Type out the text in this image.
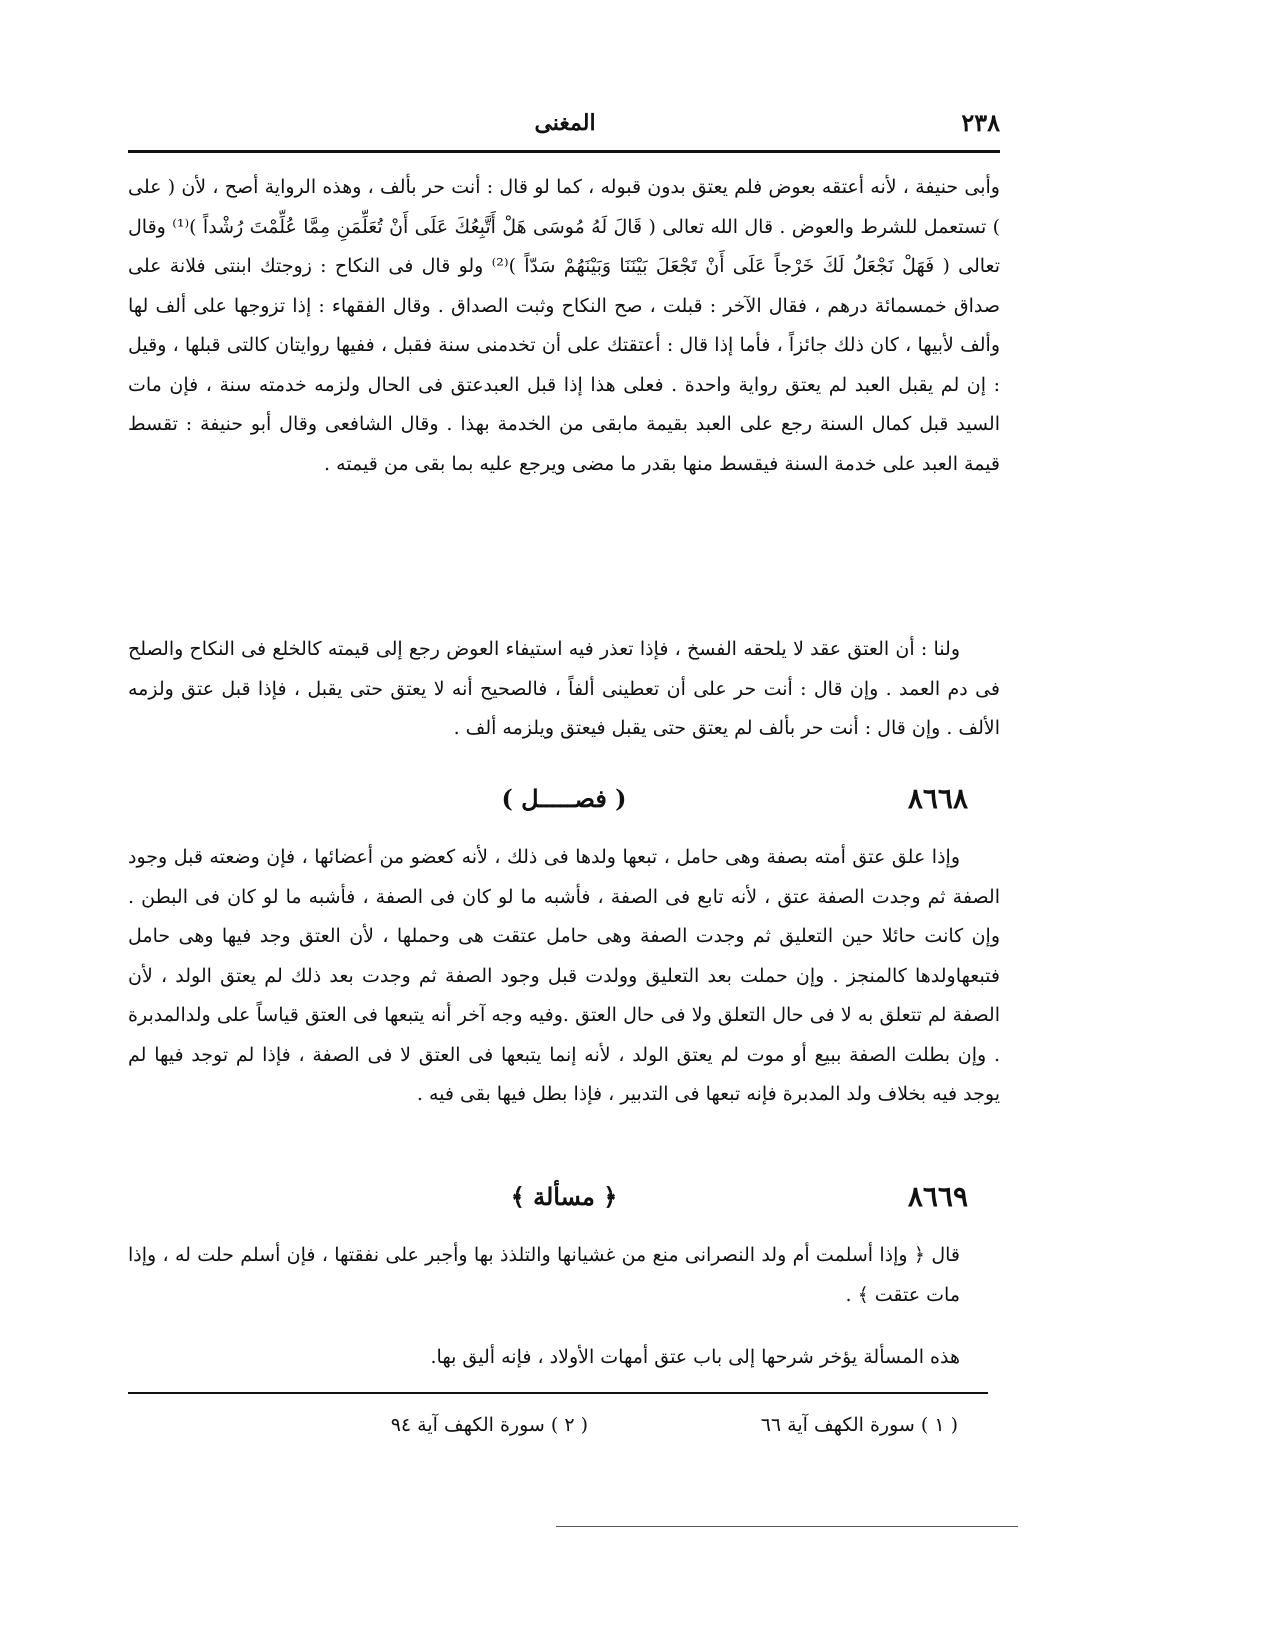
٢٣٨
المغنى

وأبى حنيفة ، لأنه أعتقه بعوض فلم يعتق بدون قبوله ، كما لو قال : أنت حر بألف ، وهذه الرواية أصح ، لأن ( على ) تستعمل للشرط والعوض . قال الله تعالى ( قَالَ لَهُ مُوسَى هَلْ أَتَّبِعُكَ عَلَى أَنْ تُعَلِّمَنِ مِمَّا عُلِّمْتَ رُشْداً )⁽¹⁾ وقال تعالى ( فَهَلْ نَجْعَلُ لَكَ خَرْجاً عَلَى أَنْ تَجْعَلَ بَيْنَنَا وَبَيْنَهُمْ سَدّاً )⁽²⁾ ولو قال فى النكاح : زوجتك ابنتى فلانة على صداق خمسمائة درهم ، فقال الآخر : قبلت ، صح النكاح وثبت الصداق . وقال الفقهاء : إذا تزوجها على ألف لها وألف لأبيها ، كان ذلك جائزاً ، فأما إذا قال : أعتقتك على أن تخدمنى سنة فقبل ، ففيها روايتان كالتى قبلها ، وقيل : إن لم يقبل العبد لم يعتق رواية واحدة . فعلى هذا إذا قبل العبدعتق فى الحال ولزمه خدمته سنة ، فإن مات السيد قبل كمال السنة رجع على العبد بقيمة مابقى من الخدمة بهذا . وقال الشافعى وقال أبو حنيفة : تقسط قيمة العبد على خدمة السنة فيقسط منها بقدر ما مضى ويرجع عليه بما بقى من قيمته .

ولنا : أن العتق عقد لا يلحقه الفسخ ، فإذا تعذر فيه استيفاء العوض رجع إلى قيمته كالخلع فى النكاح والصلح فى دم العمد . وإن قال : أنت حر على أن تعطينى ألفاً ، فالصحيح أنه لا يعتق حتى يقبل ، فإذا قبل عتق ولزمه الألف . وإن قال : أنت حر بألف لم يعتق حتى يقبل فيعتق ويلزمه ألف .

٨٦٦٨
( فصـــــل )

وإذا علق عتق أمته بصفة وهى حامل ، تبعها ولدها فى ذلك ، لأنه كعضو من أعضائها ، فإن وضعته قبل وجود الصفة ثم وجدت الصفة عتق ، لأنه تابع فى الصفة ، فأشبه ما لو كان فى الصفة ، فأشبه ما لو كان فى البطن . وإن كانت حائلا حين التعليق ثم وجدت الصفة وهى حامل عتقت هى وحملها ، لأن العتق وجد فيها وهى حامل فتبعهاولدها كالمنجز . وإن حملت بعد التعليق وولدت قبل وجود الصفة ثم وجدت بعد ذلك لم يعتق الولد ، لأن الصفة لم تتعلق به لا فى حال التعلق ولا فى حال العتق .وفيه وجه آخر أنه يتبعها فى العتق قياساً على ولدالمدبرة . وإن بطلت الصفة ببيع أو موت لم يعتق الولد ، لأنه إنما يتبعها فى العتق لا فى الصفة ، فإذا لم توجد فيها لم يوجد فيه بخلاف ولد المدبرة فإنه تبعها فى التدبير ، فإذا بطل فيها بقى فيه .

٨٦٦٩
﴿ مسألة ﴾

قال ﴿ وإذا أسلمت أم ولد النصرانى منع من غشيانها والتلذذ بها وأجبر على نفقتها ، فإن أسلم حلت له ، وإذا مات عتقت ﴾ .

هذه المسألة يؤخر شرحها إلى باب عتق أمهات الأولاد ، فإنه أليق بها.

( ١ ) سورة الكهف آية ٦٦
( ٢ ) سورة الكهف آية ٩٤
